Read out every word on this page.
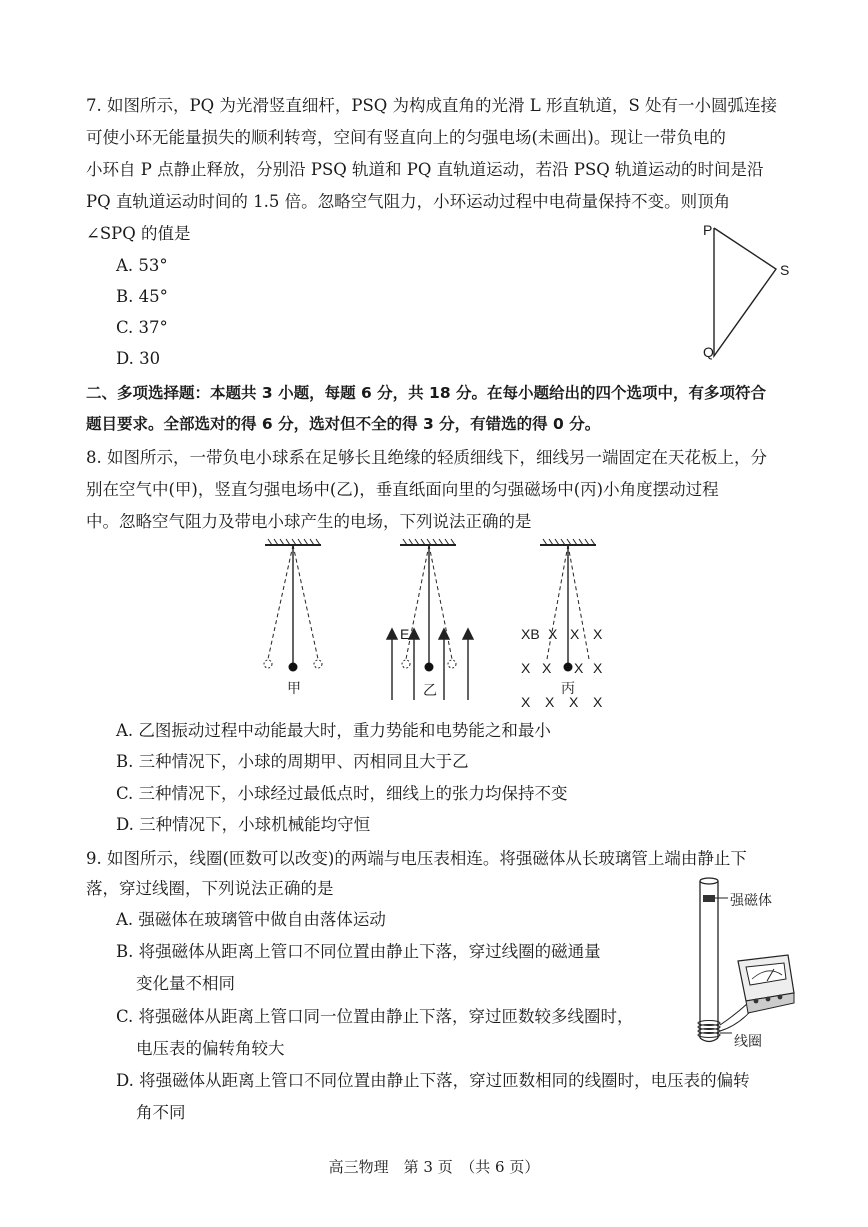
7. 如图所示，PQ 为光滑竖直细杆，PSQ 为构成直角的光滑 L 形直轨道，S 处有一小圆弧连接
可使小环无能量损失的顺利转弯，空间有竖直向上的匀强电场(未画出)。现让一带负电的
小环自 P 点静止释放，分别沿 PSQ 轨道和 PQ 直轨道运动，若沿 PSQ 轨道运动的时间是沿
PQ 直轨道运动时间的 1.5 倍。忽略空气阻力，小环运动过程中电荷量保持不变。则顶角
∠SPQ 的值是
A. 53°
B. 45°
C. 37°
D. 30
P
S
Q
二、多项选择题：本题共 3 小题，每题 6 分，共 18 分。在每小题给出的四个选项中，有多项符合
题目要求。全部选对的得 6 分，选对但不全的得 3 分，有错选的得 0 分。
8. 如图所示，一带负电小球系在足够长且绝缘的轻质细线下，细线另一端固定在天花板上，分
别在空气中(甲)，竖直匀强电场中(乙)，垂直纸面向里的匀强磁场中(丙)小角度摆动过程
中。忽略空气阻力及带电小球产生的电场，下列说法正确的是
甲	乙	丙
E	XB X X X
X X X X
X X X X
A. 乙图振动过程中动能最大时，重力势能和电势能之和最小
B. 三种情况下，小球的周期甲、丙相同且大于乙
C. 三种情况下，小球经过最低点时，细线上的张力均保持不变
D. 三种情况下，小球机械能均守恒
9. 如图所示，线圈(匝数可以改变)的两端与电压表相连。将强磁体从长玻璃管上端由静止下
落，穿过线圈，下列说法正确的是
A. 强磁体在玻璃管中做自由落体运动
B. 将强磁体从距离上管口不同位置由静止下落，穿过线圈的磁通量
变化量不相同
C. 将强磁体从距离上管口同一位置由静止下落，穿过匝数较多线圈时，
电压表的偏转角较大
D. 将强磁体从距离上管口不同位置由静止下落，穿过匝数相同的线圈时，电压表的偏转
角不同
强磁体
线圈
高三物理　第 3 页　（共 6 页）
